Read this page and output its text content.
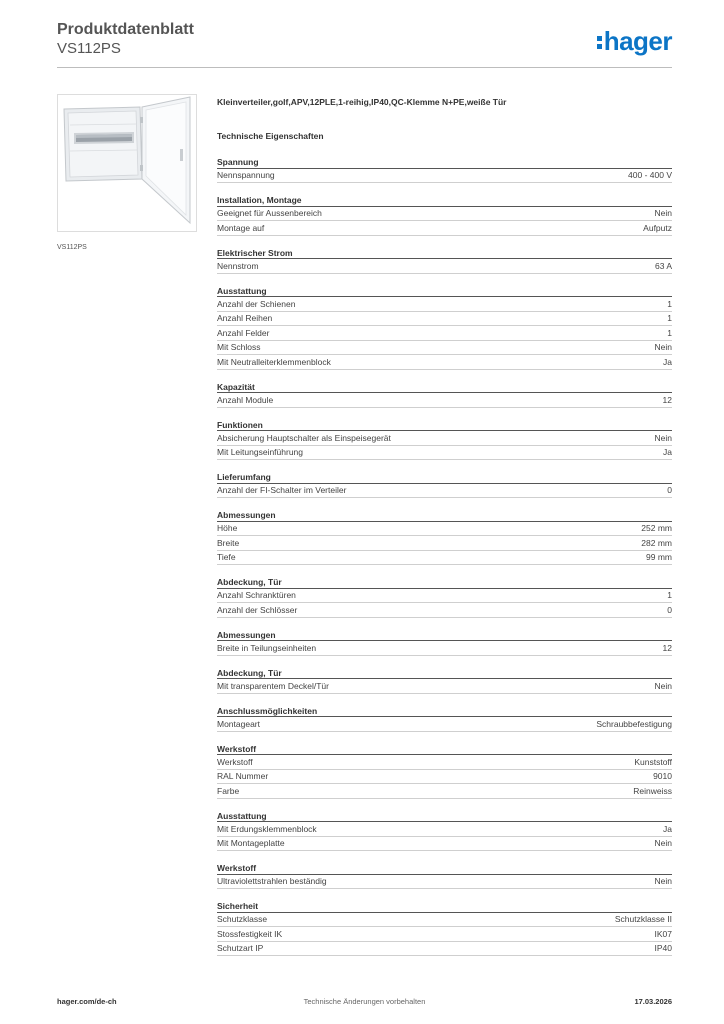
Produktdatenblatt
VS112PS	hager
VS112PS
Kleinverteiler,golf,APV,12PLE,1-reihig,IP40,QC-Klemme N+PE,weiße Tür
Technische Eigenschaften
Spannung
Nennspannung	400 - 400 V
Installation, Montage
Geeignet für Aussenbereich	Nein
Montage auf	Aufputz
Elektrischer Strom
Nennstrom	63 A
Ausstattung
Anzahl der Schienen	1
Anzahl Reihen	1
Anzahl Felder	1
Mit Schloss	Nein
Mit Neutralleiterklemmenblock	Ja
Kapazität
Anzahl Module	12
Funktionen
Absicherung Hauptschalter als Einspeisegerät	Nein
Mit Leitungseinführung	Ja
Lieferumfang
Anzahl der FI-Schalter im Verteiler	0
Abmessungen
Höhe	252 mm
Breite	282 mm
Tiefe	99 mm
Abdeckung, Tür
Anzahl Schranktüren	1
Anzahl der Schlösser	0
Abmessungen
Breite in Teilungseinheiten	12
Abdeckung, Tür
Mit transparentem Deckel/Tür	Nein
Anschlussmöglichkeiten
Montageart	Schraubbefestigung
Werkstoff
Werkstoff	Kunststoff
RAL Nummer	9010
Farbe	Reinweiss
Ausstattung
Mit Erdungsklemmenblock	Ja
Mit Montageplatte	Nein
Werkstoff
Ultraviolettstrahlen beständig	Nein
Sicherheit
Schutzklasse	Schutzklasse II
Stossfestigkeit IK	IK07
Schutzart IP	IP40
hager.com/de-ch	Technische Änderungen vorbehalten	17.03.2026
